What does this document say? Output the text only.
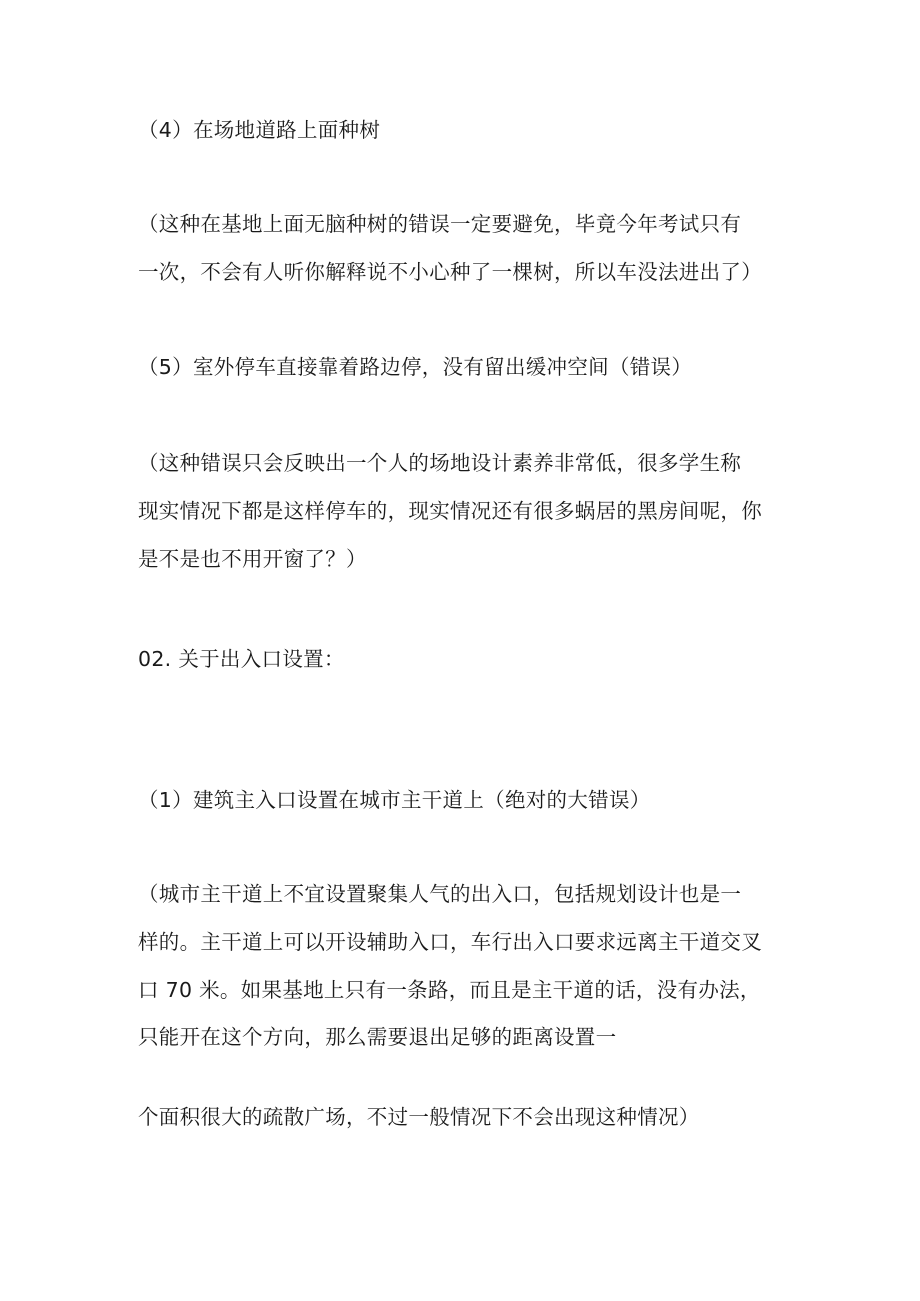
（4）在场地道路上面种树

（这种在基地上面无脑种树的错误一定要避免，毕竟今年考试只有

一次，不会有人听你解释说不小心种了一棵树，所以车没法进出了）

（5）室外停车直接靠着路边停，没有留出缓冲空间（错误）

（这种错误只会反映出一个人的场地设计素养非常低，很多学生称

现实情况下都是这样停车的，现实情况还有很多蜗居的黑房间呢，你

是不是也不用开窗了？）

02. 关于出入口设置：

（1）建筑主入口设置在城市主干道上（绝对的大错误）

（城市主干道上不宜设置聚集人气的出入口，包括规划设计也是一

样的。主干道上可以开设辅助入口，车行出入口要求远离主干道交叉

口 70 米。如果基地上只有一条路，而且是主干道的话，没有办法，

只能开在这个方向，那么需要退出足够的距离设置一

个面积很大的疏散广场，不过一般情况下不会出现这种情况）
